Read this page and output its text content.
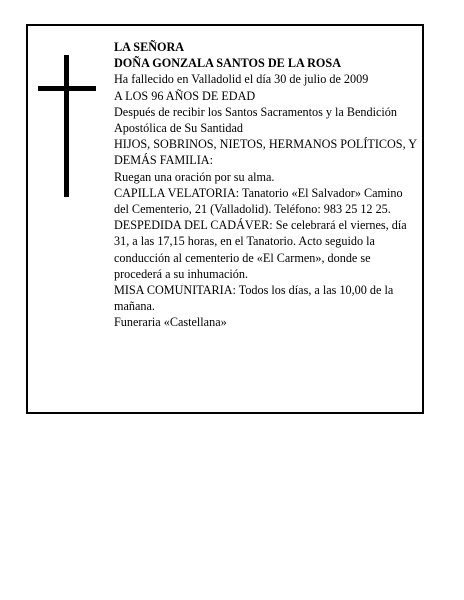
LA SEÑORA

DOÑA GONZALA SANTOS DE LA ROSA

Ha fallecido en Valladolid el día 30 de julio de 2009

A LOS 96 AÑOS DE EDAD

Después de recibir los Santos Sacramentos y la Bendición Apostólica de Su Santidad

HIJOS, SOBRINOS, NIETOS, HERMANOS POLÍTICOS, Y DEMÁS FAMILIA:

Ruegan una oración por su alma.

CAPILLA VELATORIA: Tanatorio «El Salvador» Camino del Cementerio, 21 (Valladolid). Teléfono: 983 25 12 25.

DESPEDIDA DEL CADÁVER: Se celebrará el viernes, día 31, a las 17,15 horas, en el Tanatorio. Acto seguido la conducción al cementerio de «El Carmen», donde se procederá a su inhumación.

MISA COMUNITARIA: Todos los días, a las 10,00 de la mañana.

Funeraria «Castellana»
